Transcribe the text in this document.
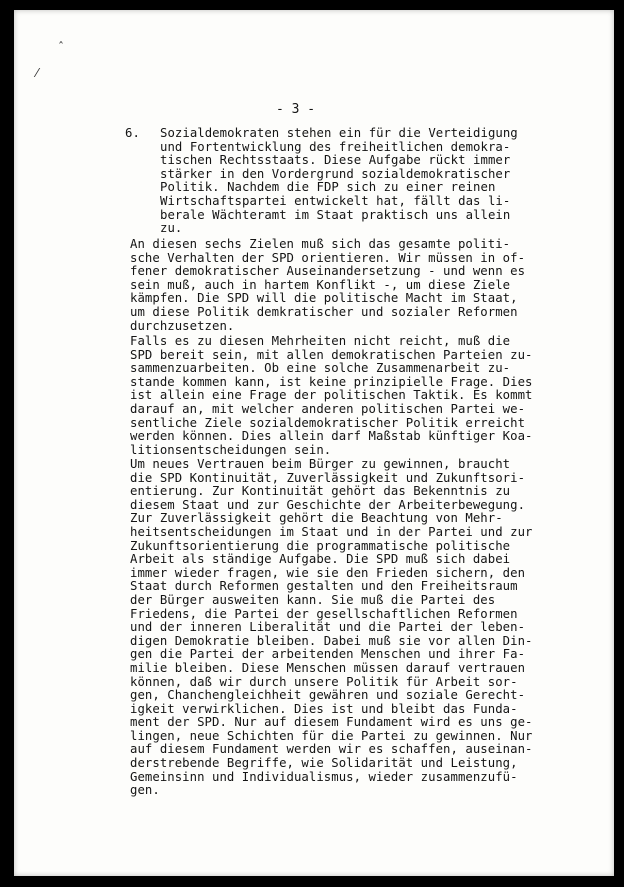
ˆ
⁄
- 3 -
6. Sozialdemokraten stehen ein für die Verteidigung
und Fortentwicklung des freiheitlichen demokra-
tischen Rechtsstaats. Diese Aufgabe rückt immer
stärker in den Vordergrund sozialdemokratischer
Politik. Nachdem die FDP sich zu einer reinen
Wirtschaftspartei entwickelt hat, fällt das li-
berale Wächteramt im Staat praktisch uns allein
zu.
An diesen sechs Zielen muß sich das gesamte politi-
sche Verhalten der SPD orientieren. Wir müssen in of-
fener demokratischer Auseinandersetzung - und wenn es
sein muß, auch in hartem Konflikt -, um diese Ziele
kämpfen. Die SPD will die politische Macht im Staat,
um diese Politik demkratischer und sozialer Reformen
durchzusetzen.
Falls es zu diesen Mehrheiten nicht reicht, muß die
SPD bereit sein, mit allen demokratischen Parteien zu-
sammenzuarbeiten. Ob eine solche Zusammenarbeit zu-
stande kommen kann, ist keine prinzipielle Frage. Dies
ist allein eine Frage der politischen Taktik. Es kommt
darauf an, mit welcher anderen politischen Partei we-
sentliche Ziele sozialdemokratischer Politik erreicht
werden können. Dies allein darf Maßstab künftiger Koa-
litionsentscheidungen sein.
Um neues Vertrauen beim Bürger zu gewinnen, braucht
die SPD Kontinuität, Zuverlässigkeit und Zukunftsori-
entierung. Zur Kontinuität gehört das Bekenntnis zu
diesem Staat und zur Geschichte der Arbeiterbewegung.
Zur Zuverlässigkeit gehört die Beachtung von Mehr-
heitsentscheidungen im Staat und in der Partei und zur
Zukunftsorientierung die programmatische politische
Arbeit als ständige Aufgabe. Die SPD muß sich dabei
immer wieder fragen, wie sie den Frieden sichern, den
Staat durch Reformen gestalten und den Freiheitsraum
der Bürger ausweiten kann. Sie muß die Partei des
Friedens, die Partei der gesellschaftlichen Reformen
und der inneren Liberalität und die Partei der leben-
digen Demokratie bleiben. Dabei muß sie vor allen Din-
gen die Partei der arbeitenden Menschen und ihrer Fa-
milie bleiben. Diese Menschen müssen darauf vertrauen
können, daß wir durch unsere Politik für Arbeit sor-
gen, Chanchengleichheit gewähren und soziale Gerecht-
igkeit verwirklichen. Dies ist und bleibt das Funda-
ment der SPD. Nur auf diesem Fundament wird es uns ge-
lingen, neue Schichten für die Partei zu gewinnen. Nur
auf diesem Fundament werden wir es schaffen, auseinan-
derstrebende Begriffe, wie Solidarität und Leistung,
Gemeinsinn und Individualismus, wieder zusammenzufü-
gen.
